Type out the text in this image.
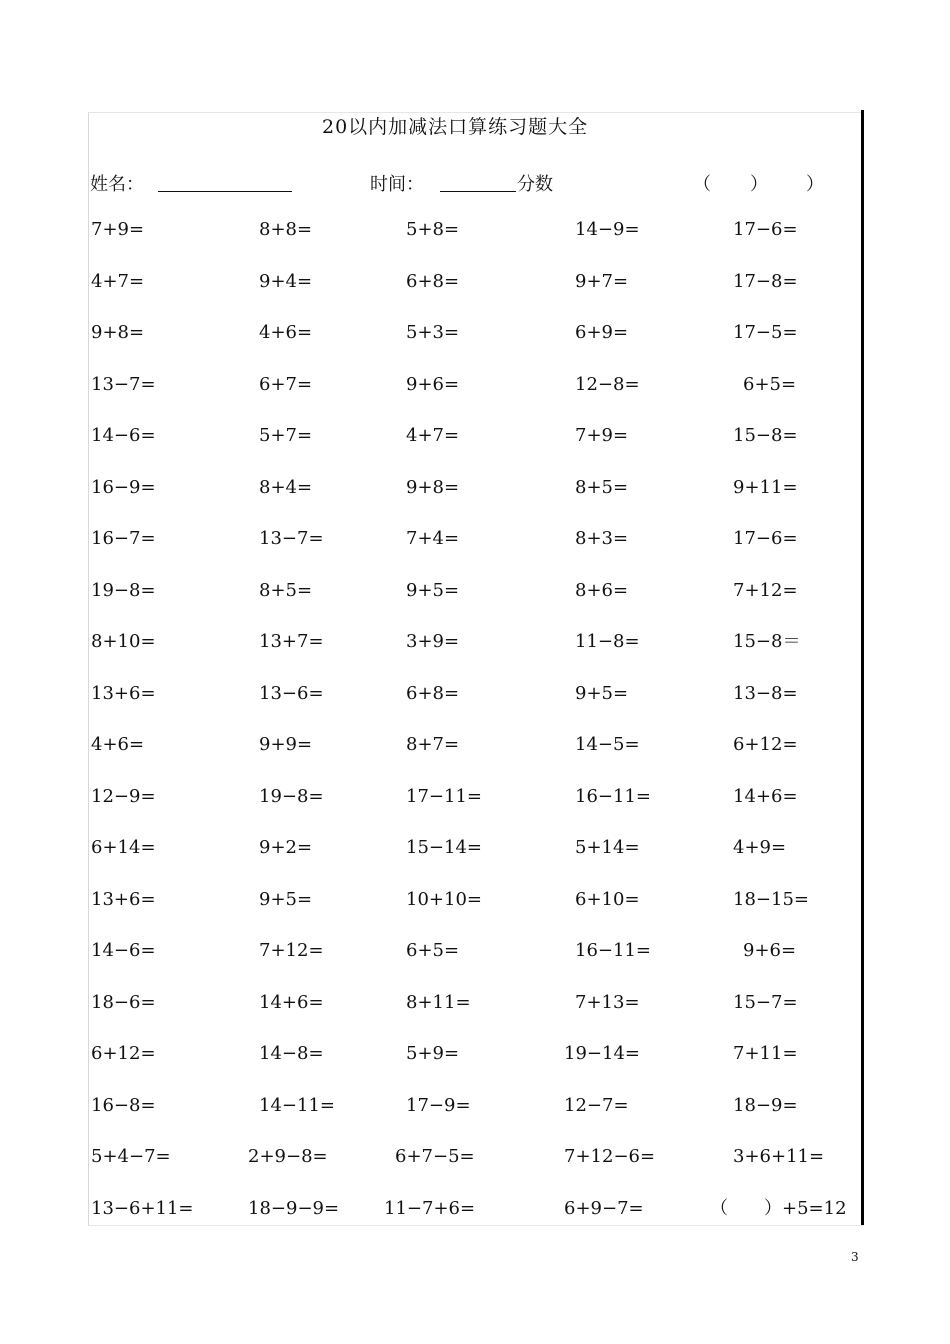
20以内加减法口算练习题大全
姓名：	时间：	分数	（ ） ）
7+9=	8+8=	5+8=	14−9=	17−6=
4+7=	9+4=	6+8=	9+7=	17−8=
9+8=	4+6=	5+3=	6+9=	17−5=
13−7=	6+7=	9+6=	12−8=	6+5=
14−6=	5+7=	4+7=	7+9=	15−8=
16−9=	8+4=	9+8=	8+5=	9+11=
16−7=	13−7=	7+4=	8+3=	17−6=
19−8=	8+5=	9+5=	8+6=	7+12=
8+10=	13+7=	3+9=	11−8=	15−8＝
13+6=	13−6=	6+8=	9+5=	13−8=
4+6=	9+9=	8+7=	14−5=	6+12=
12−9=	19−8=	17−11=	16−11=	14+6=
6+14=	9+2=	15−14=	5+14=	4+9=
13+6=	9+5=	10+10=	6+10=	18−15=
14−6=	7+12=	6+5=	16−11=	9+6=
18−6=	14+6=	8+11=	7+13=	15−7=
6+12=	14−8=	5+9=	19−14=	7+11=
16−8=	14−11=	17−9=	12−7=	18−9=
5+4−7=	2+9−8=	6+7−5=	7+12−6=	3+6+11=
13−6+11=	18−9−9= 11−7+6=	6+9−7=	（　　）+5=12
3
